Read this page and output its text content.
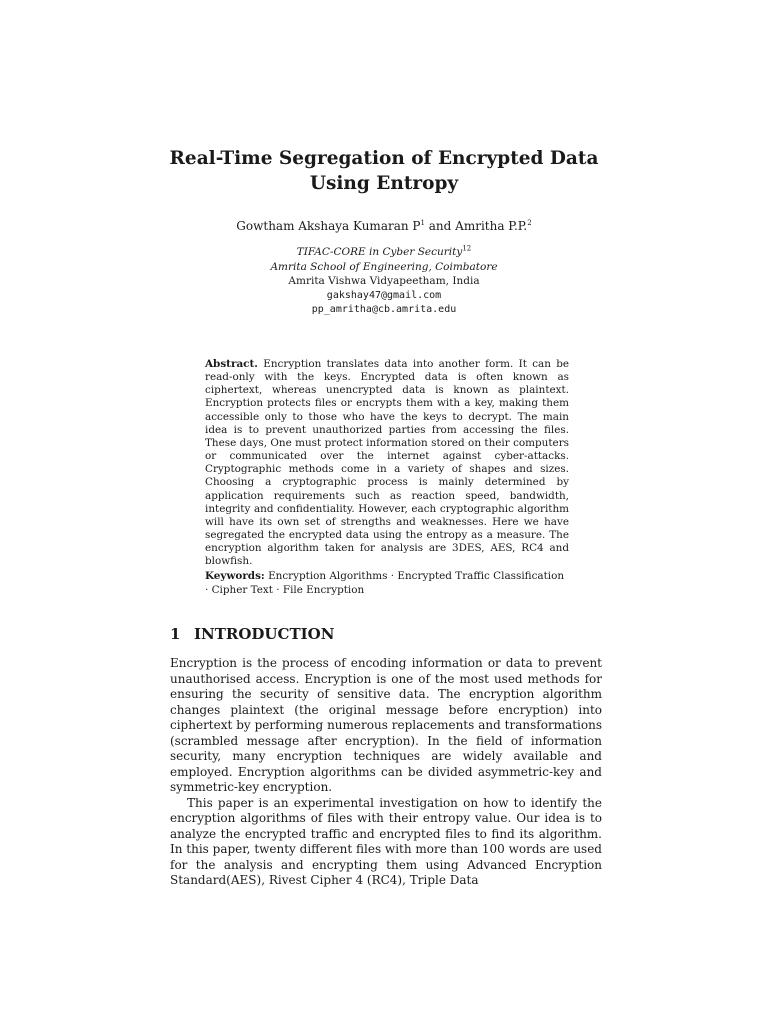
Real-Time Segregation of Encrypted Data Using Entropy
Gowtham Akshaya Kumaran $P^1$ and Amritha P.P.$^2$
TIFAC-CORE in Cyber Security$^{12}$
Amrita School of Engineering, Coimbatore
Amrita Vishwa Vidyapeetham, India
gakshay47@gmail.com
pp_amritha@cb.amrita.edu
Abstract. Encryption translates data into another form. It can be read-only with the keys. Encrypted data is often known as ciphertext, whereas unencrypted data is known as plaintext. Encryption protects files or encrypts them with a key, making them accessible only to those who have the keys to decrypt. The main idea is to prevent unauthorized parties from accessing the files. These days, One must protect information stored on their computers or communicated over the internet against cyber-attacks. Cryptographic methods come in a variety of shapes and sizes. Choosing a cryptographic process is mainly determined by application requirements such as reaction speed, bandwidth, integrity and confidentiality. However, each cryptographic algorithm will have its own set of strengths and weaknesses. Here we have segregated the encrypted data using the entropy as a measure. The encryption algorithm taken for analysis are 3DES, AES, RC4 and blowfish.
Keywords: Encryption Algorithms · Encrypted Traffic Classification · Cipher Text · File Encryption
1 INTRODUCTION

Encryption is the process of encoding information or data to prevent unauthorised access. Encryption is one of the most used methods for ensuring the security of sensitive data. The encryption algorithm changes plaintext (the original message before encryption) into ciphertext by performing numerous replacements and transformations (scrambled message after encryption). In the field of information security, many encryption techniques are widely available and employed. Encryption algorithms can be divided asymmetric-key and symmetric-key encryption.

This paper is an experimental investigation on how to identify the encryption algorithms of files with their entropy value. Our idea is to analyze the encrypted traffic and encrypted files to find its algorithm. In this paper, twenty different files with more than 100 words are used for the analysis and encrypting them using Advanced Encryption Standard(AES), Rivest Cipher 4 (RC4), Triple Data
